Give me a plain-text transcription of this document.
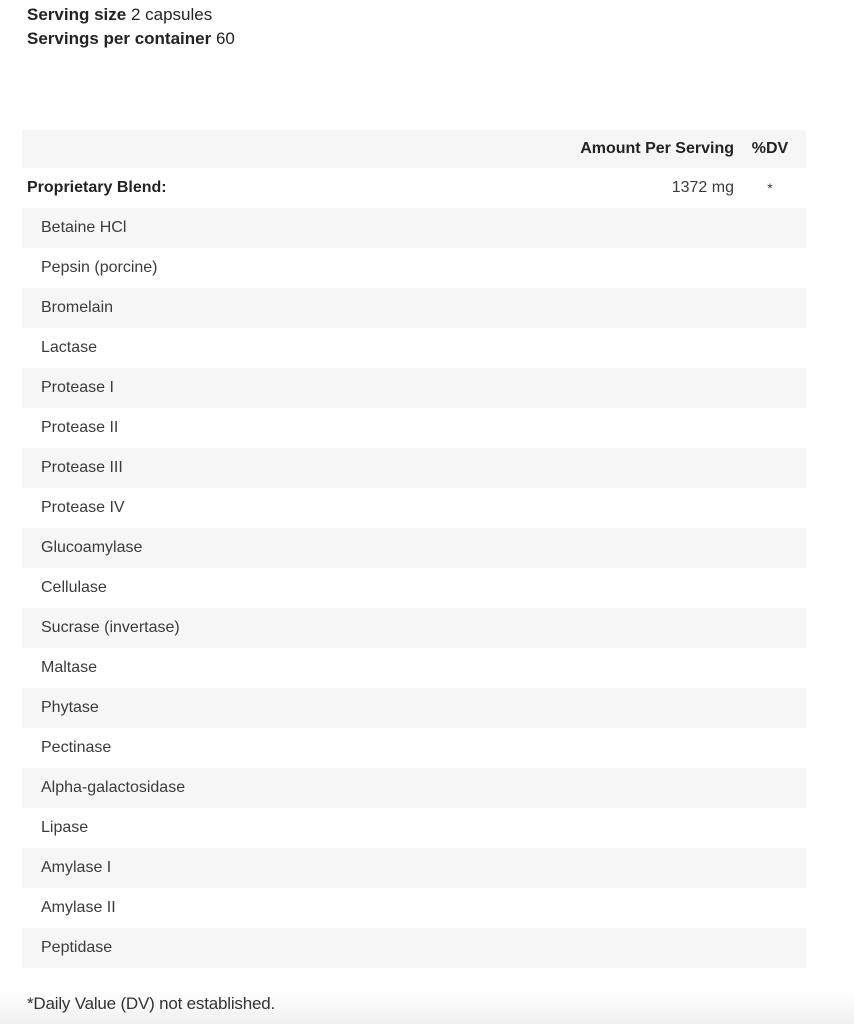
Serving size 2 capsules
Servings per container 60
Amount Per Serving	%DV
Proprietary Blend:	1372 mg	*
Betaine HCl
Pepsin (porcine)
Bromelain
Lactase
Protease I
Protease II
Protease III
Protease IV
Glucoamylase
Cellulase
Sucrase (invertase)
Maltase
Phytase
Pectinase
Alpha-galactosidase
Lipase
Amylase I
Amylase II
Peptidase
*Daily Value (DV) not established.
